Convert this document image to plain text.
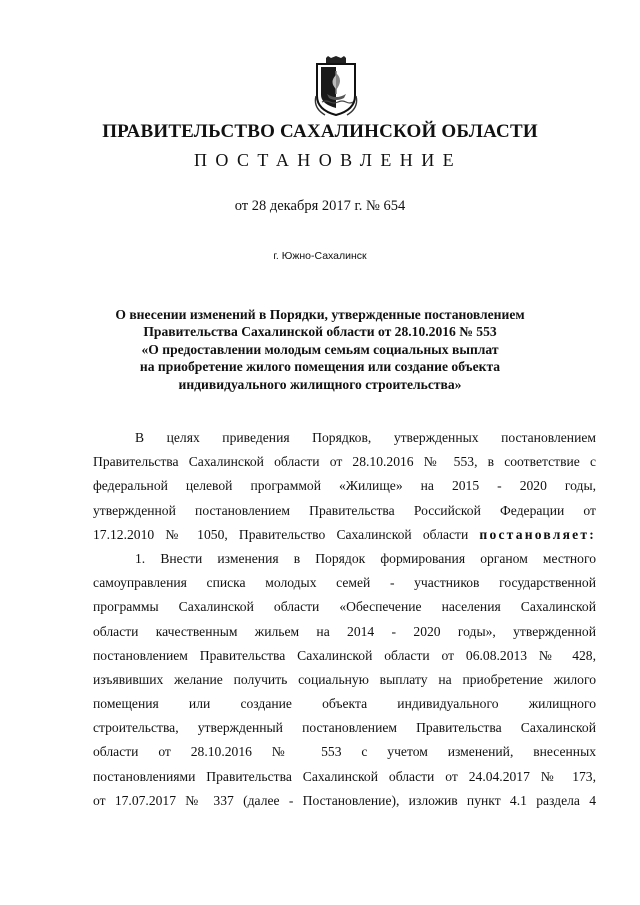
ПРАВИТЕЛЬСТВО САХАЛИНСКОЙ ОБЛАСТИ
ПОСТАНОВЛЕНИЕ
от 28 декабря 2017 г. № 654
г. Южно-Сахалинск
О внесении изменений в Порядки, утвержденные постановлением
Правительства Сахалинской области от 28.10.2016 № 553
«О предоставлении молодым семьям социальных выплат
на приобретение жилого помещения или создание объекта
индивидуального жилищного строительства»
В целях приведения Порядков, утвержденных постановлением
Правительства Сахалинской области от 28.10.2016 № 553, в соответствие с
федеральной целевой программой «Жилище» на 2015 - 2020 годы,
утвержденной постановлением Правительства Российской Федерации от
17.12.2010 № 1050, Правительство Сахалинской области постановляет:
1. Внести изменения в Порядок формирования органом местного
самоуправления списка молодых семей - участников государственной
программы Сахалинской области «Обеспечение населения Сахалинской
области качественным жильем на 2014 - 2020 годы», утвержденной
постановлением Правительства Сахалинской области от 06.08.2013 № 428,
изъявивших желание получить социальную выплату на приобретение жилого
помещения или создание объекта индивидуального жилищного
строительства, утвержденный постановлением Правительства Сахалинской
области от 28.10.2016 № 553 с учетом изменений, внесенных
постановлениями Правительства Сахалинской области от 24.04.2017 № 173,
от 17.07.2017 № 337 (далее - Постановление), изложив пункт 4.1 раздела 4
